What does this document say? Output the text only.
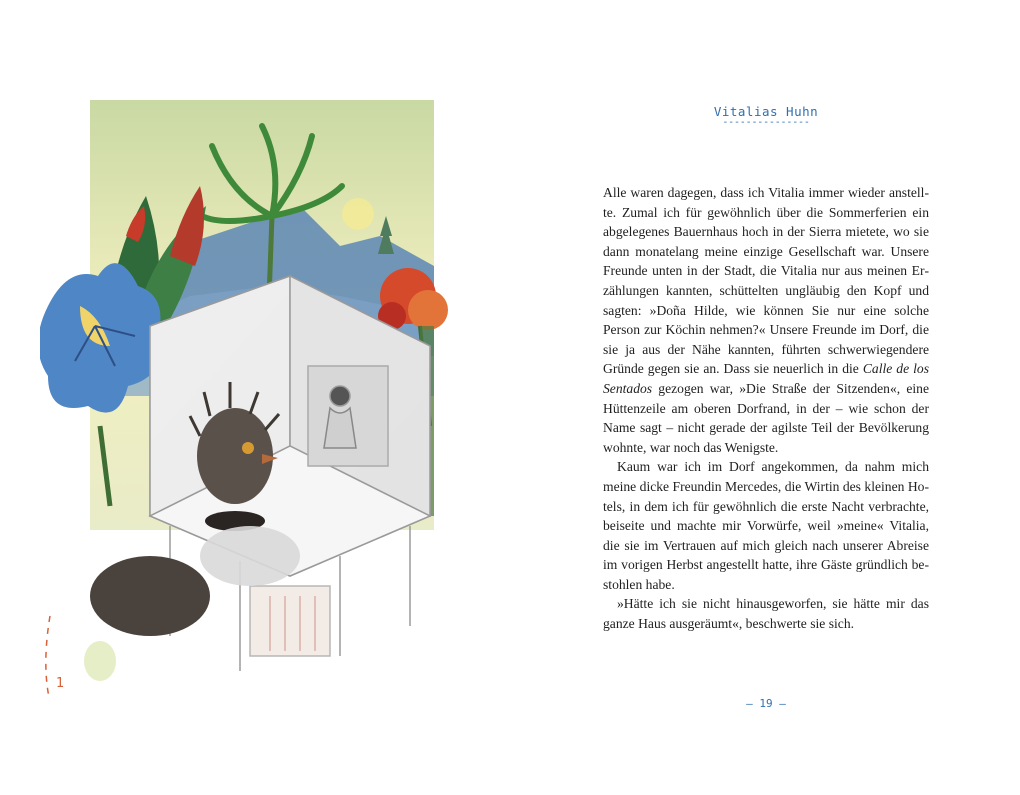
1
Vitalias Huhn
---------------

Alle waren dagegen, dass ich Vitalia immer wieder anstellte. Zumal ich für gewöhnlich über die Sommerferien ein abgelegenes Bauernhaus hoch in der Sierra mietete, wo sie dann monatelang meine einzige Gesellschaft war. Unsere Freunde unten in der Stadt, die Vitalia nur aus meinen Erzählungen kannten, schüttelten ungläubig den Kopf und sagten: »Doña Hilde, wie können Sie nur eine solche Person zur Köchin nehmen?« Unsere Freunde im Dorf, die sie ja aus der Nähe kannten, führten schwerwiegendere Gründe gegen sie an. Dass sie neuerlich in die Calle de los Sentados gezogen war, »Die Straße der Sitzenden«, eine Hüttenzeile am oberen Dorfrand, in der – wie schon der Name sagt – nicht gerade der agilste Teil der Bevölkerung wohnte, war noch das Wenigste.

Kaum war ich im Dorf angekommen, da nahm mich meine dicke Freundin Mercedes, die Wirtin des kleinen Hotels, in dem ich für gewöhnlich die erste Nacht verbrachte, beiseite und machte mir Vorwürfe, weil »meine« Vitalia, die sie im Vertrauen auf mich gleich nach unserer Abreise im vorigen Herbst angestellt hatte, ihre Gäste gründlich bestohlen habe.

»Hätte ich sie nicht hinausgeworfen, sie hätte mir das ganze Haus ausgeräumt«, beschwerte sie sich.

– 19 –
